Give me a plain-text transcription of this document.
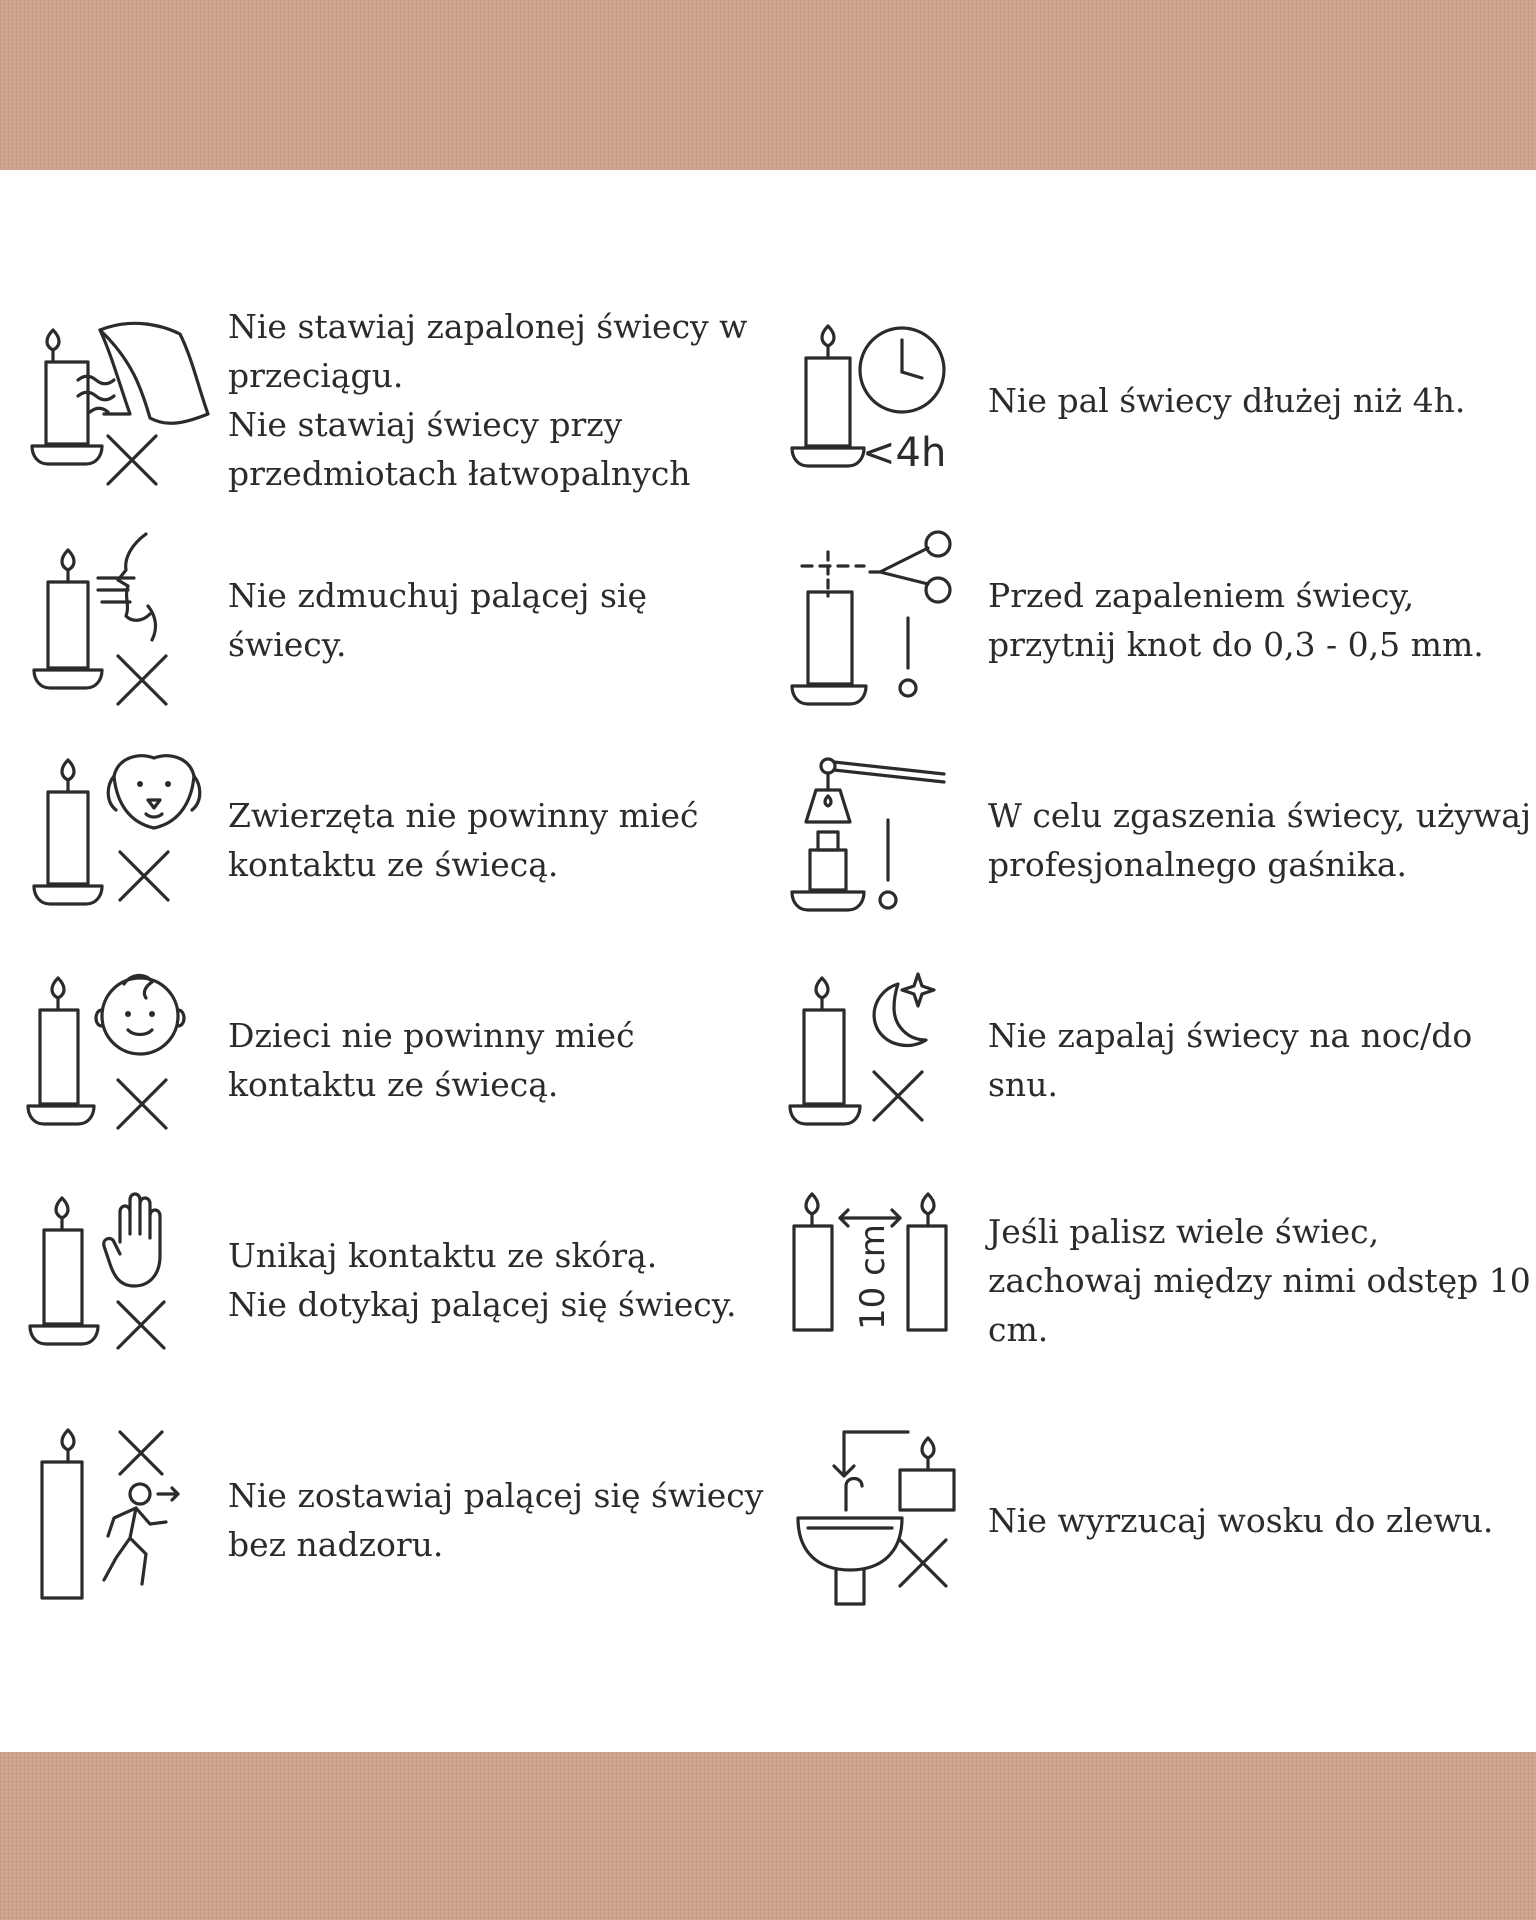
Nie stawiaj zapalonej świecy w przeciągu.
Nie stawiaj świecy przy przedmiotach łatwopalnych	<4h
Nie pal świecy dłużej niż 4h.
Nie zdmuchuj palącej się świecy.
Przed zapaleniem świecy, przytnij knot do 0,3 - 0,5 mm.
Zwierzęta nie powinny mieć kontaktu ze świecą.
W celu zgaszenia świecy, używaj profesjonalnego gaśnika.
Dzieci nie powinny mieć kontaktu ze świecą.
Nie zapalaj świecy na noc/do snu.
Unikaj kontaktu ze skórą.
Nie dotykaj palącej się świecy.	10 cm	Jeśli palisz wiele świec, zachowaj między nimi odstęp 10 cm.
Nie zostawiaj palącej się świecy bez nadzoru.
Nie wyrzucaj wosku do zlewu.
